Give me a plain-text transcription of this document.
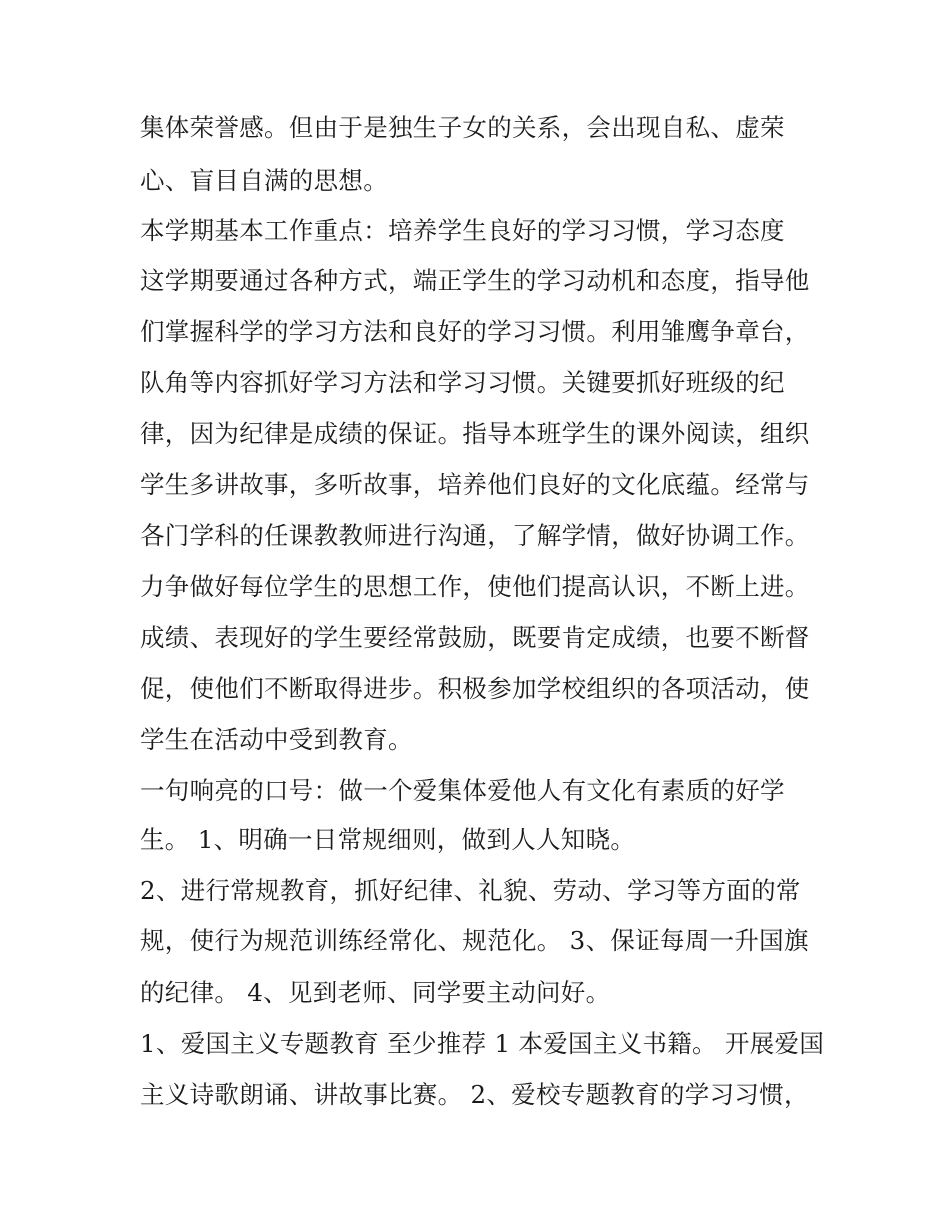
集体荣誉感。但由于是独生子女的关系，会出现自私、虚荣
心、盲目自满的思想。
本学期基本工作重点：培养学生良好的学习习惯，学习态度
这学期要通过各种方式，端正学生的学习动机和态度，指导他
们掌握科学的学习方法和良好的学习习惯。利用雏鹰争章台，
队角等内容抓好学习方法和学习习惯。关键要抓好班级的纪
律，因为纪律是成绩的保证。指导本班学生的课外阅读，组织
学生多讲故事，多听故事，培养他们良好的文化底蕴。经常与
各门学科的任课教教师进行沟通，了解学情，做好协调工作。
力争做好每位学生的思想工作，使他们提高认识，不断上进。
成绩、表现好的学生要经常鼓励，既要肯定成绩，也要不断督
促，使他们不断取得进步。积极参加学校组织的各项活动，使
学生在活动中受到教育。
一句响亮的口号：做一个爱集体爱他人有文化有素质的好学
生。 1、明确一日常规细则，做到人人知晓。
2、进行常规教育，抓好纪律、礼貌、劳动、学习等方面的常
规，使行为规范训练经常化、规范化。 3、保证每周一升国旗
的纪律。 4、见到老师、同学要主动问好。
1、爱国主义专题教育 至少推荐 1 本爱国主义书籍。 开展爱国
主义诗歌朗诵、讲故事比赛。 2、爱校专题教育的学习习惯，
